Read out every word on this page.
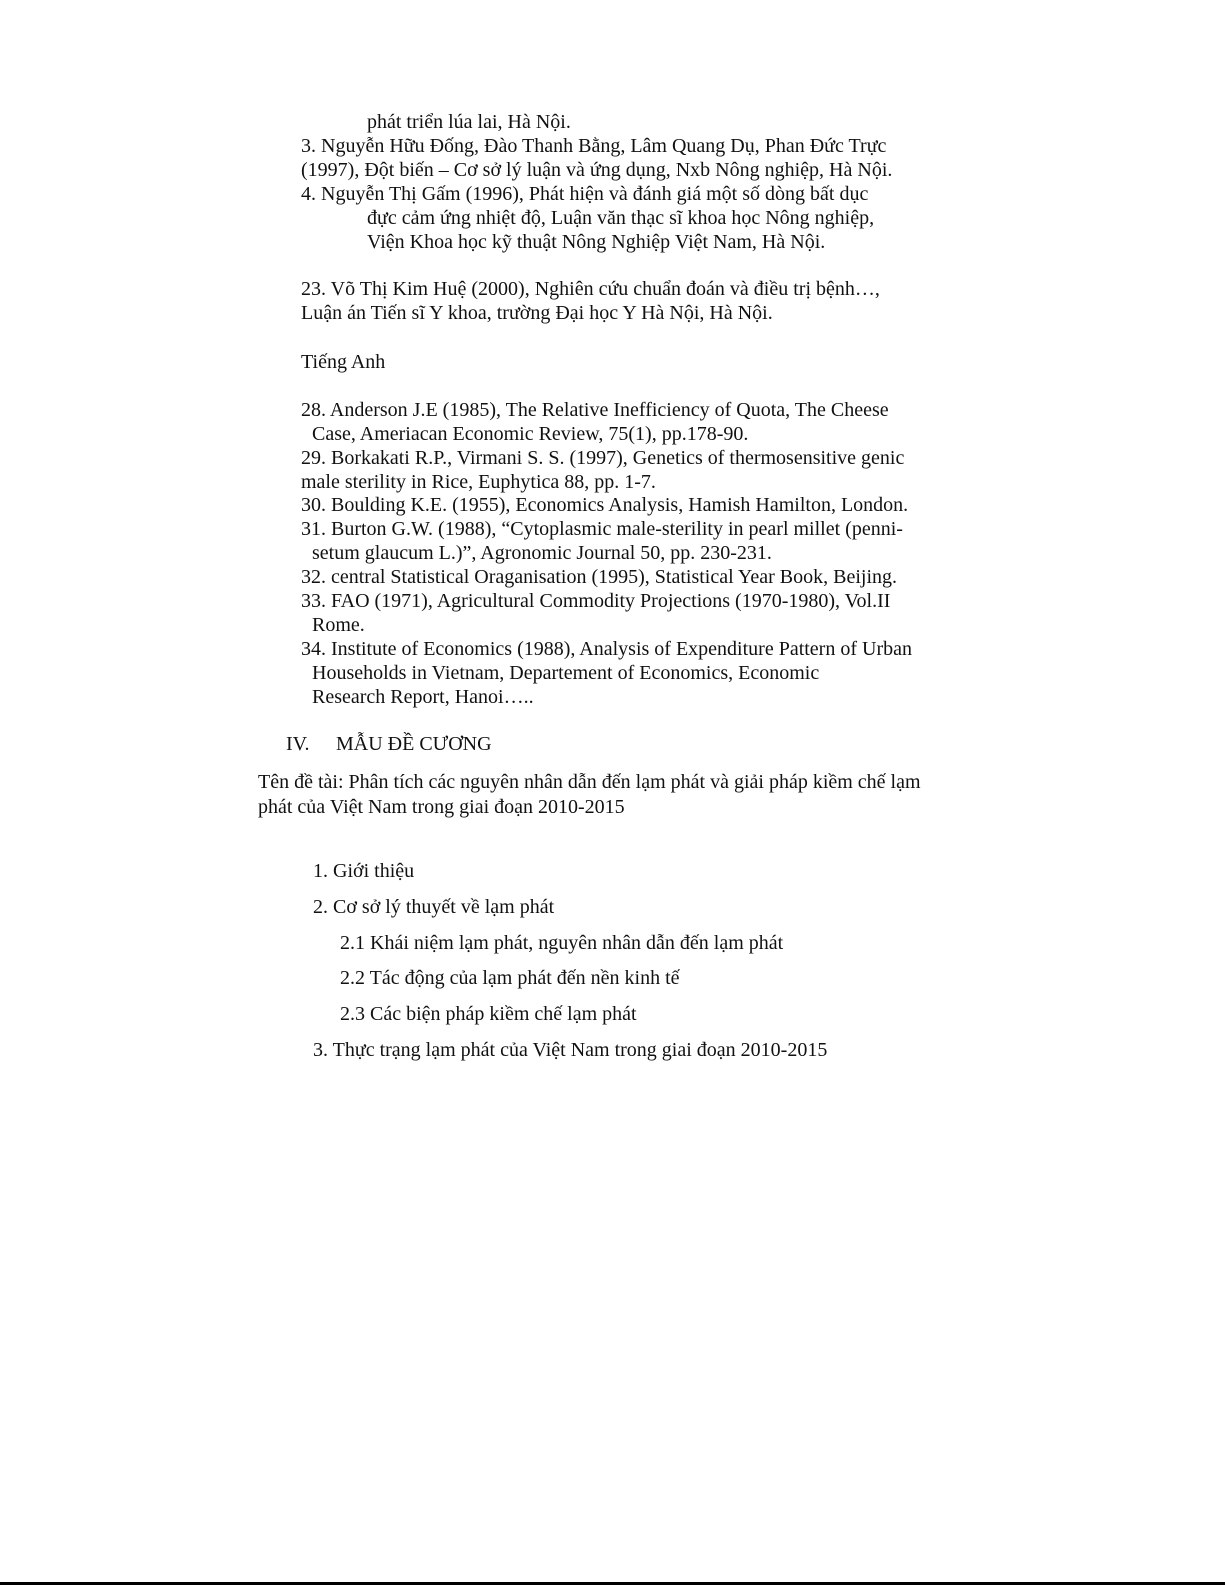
phát triển lúa lai, Hà Nội.

3. Nguyễn Hữu Đống, Đào Thanh Bằng, Lâm Quang Dụ, Phan Đức Trực

(1997), Đột biến – Cơ sở lý luận và ứng dụng, Nxb Nông nghiệp, Hà Nội.

4. Nguyễn Thị Gấm (1996), Phát hiện và đánh giá một số dòng bất dục

đực cảm ứng nhiệt độ, Luận văn thạc sĩ khoa học Nông nghiệp,

Viện Khoa học kỹ thuật Nông Nghiệp Việt Nam, Hà Nội.

23. Võ Thị Kim Huệ (2000), Nghiên cứu chuẩn đoán và điều trị bệnh…,

Luận án Tiến sĩ Y khoa, trường Đại học Y Hà Nội, Hà Nội.

Tiếng Anh

28. Anderson J.E (1985), The Relative Inefficiency of Quota, The Cheese

Case, Ameriacan Economic Review, 75(1), pp.178-90.

29. Borkakati R.P., Virmani S. S. (1997), Genetics of thermosensitive genic

male sterility in Rice, Euphytica 88, pp. 1-7.

30. Boulding K.E. (1955), Economics Analysis, Hamish Hamilton, London.

31. Burton G.W. (1988), “Cytoplasmic male-sterility in pearl millet (penni-

setum glaucum L.)”, Agronomic Journal 50, pp. 230-231.

32. central Statistical Oraganisation (1995), Statistical Year Book, Beijing.

33. FAO (1971), Agricultural Commodity Projections (1970-1980), Vol.II

Rome.

34. Institute of Economics (1988), Analysis of Expenditure Pattern of Urban

Households in Vietnam, Departement of Economics, Economic

Research Report, Hanoi…..

IV. MẪU ĐỀ CƯƠNG

Tên đề tài: Phân tích các nguyên nhân dẫn đến lạm phát và giải pháp kiềm chế lạm

phát của Việt Nam trong giai đoạn 2010-2015

1. Giới thiệu

2. Cơ sở lý thuyết về lạm phát

2.1 Khái niệm lạm phát, nguyên nhân dẫn đến lạm phát

2.2 Tác động của lạm phát đến nền kinh tế

2.3 Các biện pháp kiềm chế lạm phát

3. Thực trạng lạm phát của Việt Nam trong giai đoạn 2010-2015
